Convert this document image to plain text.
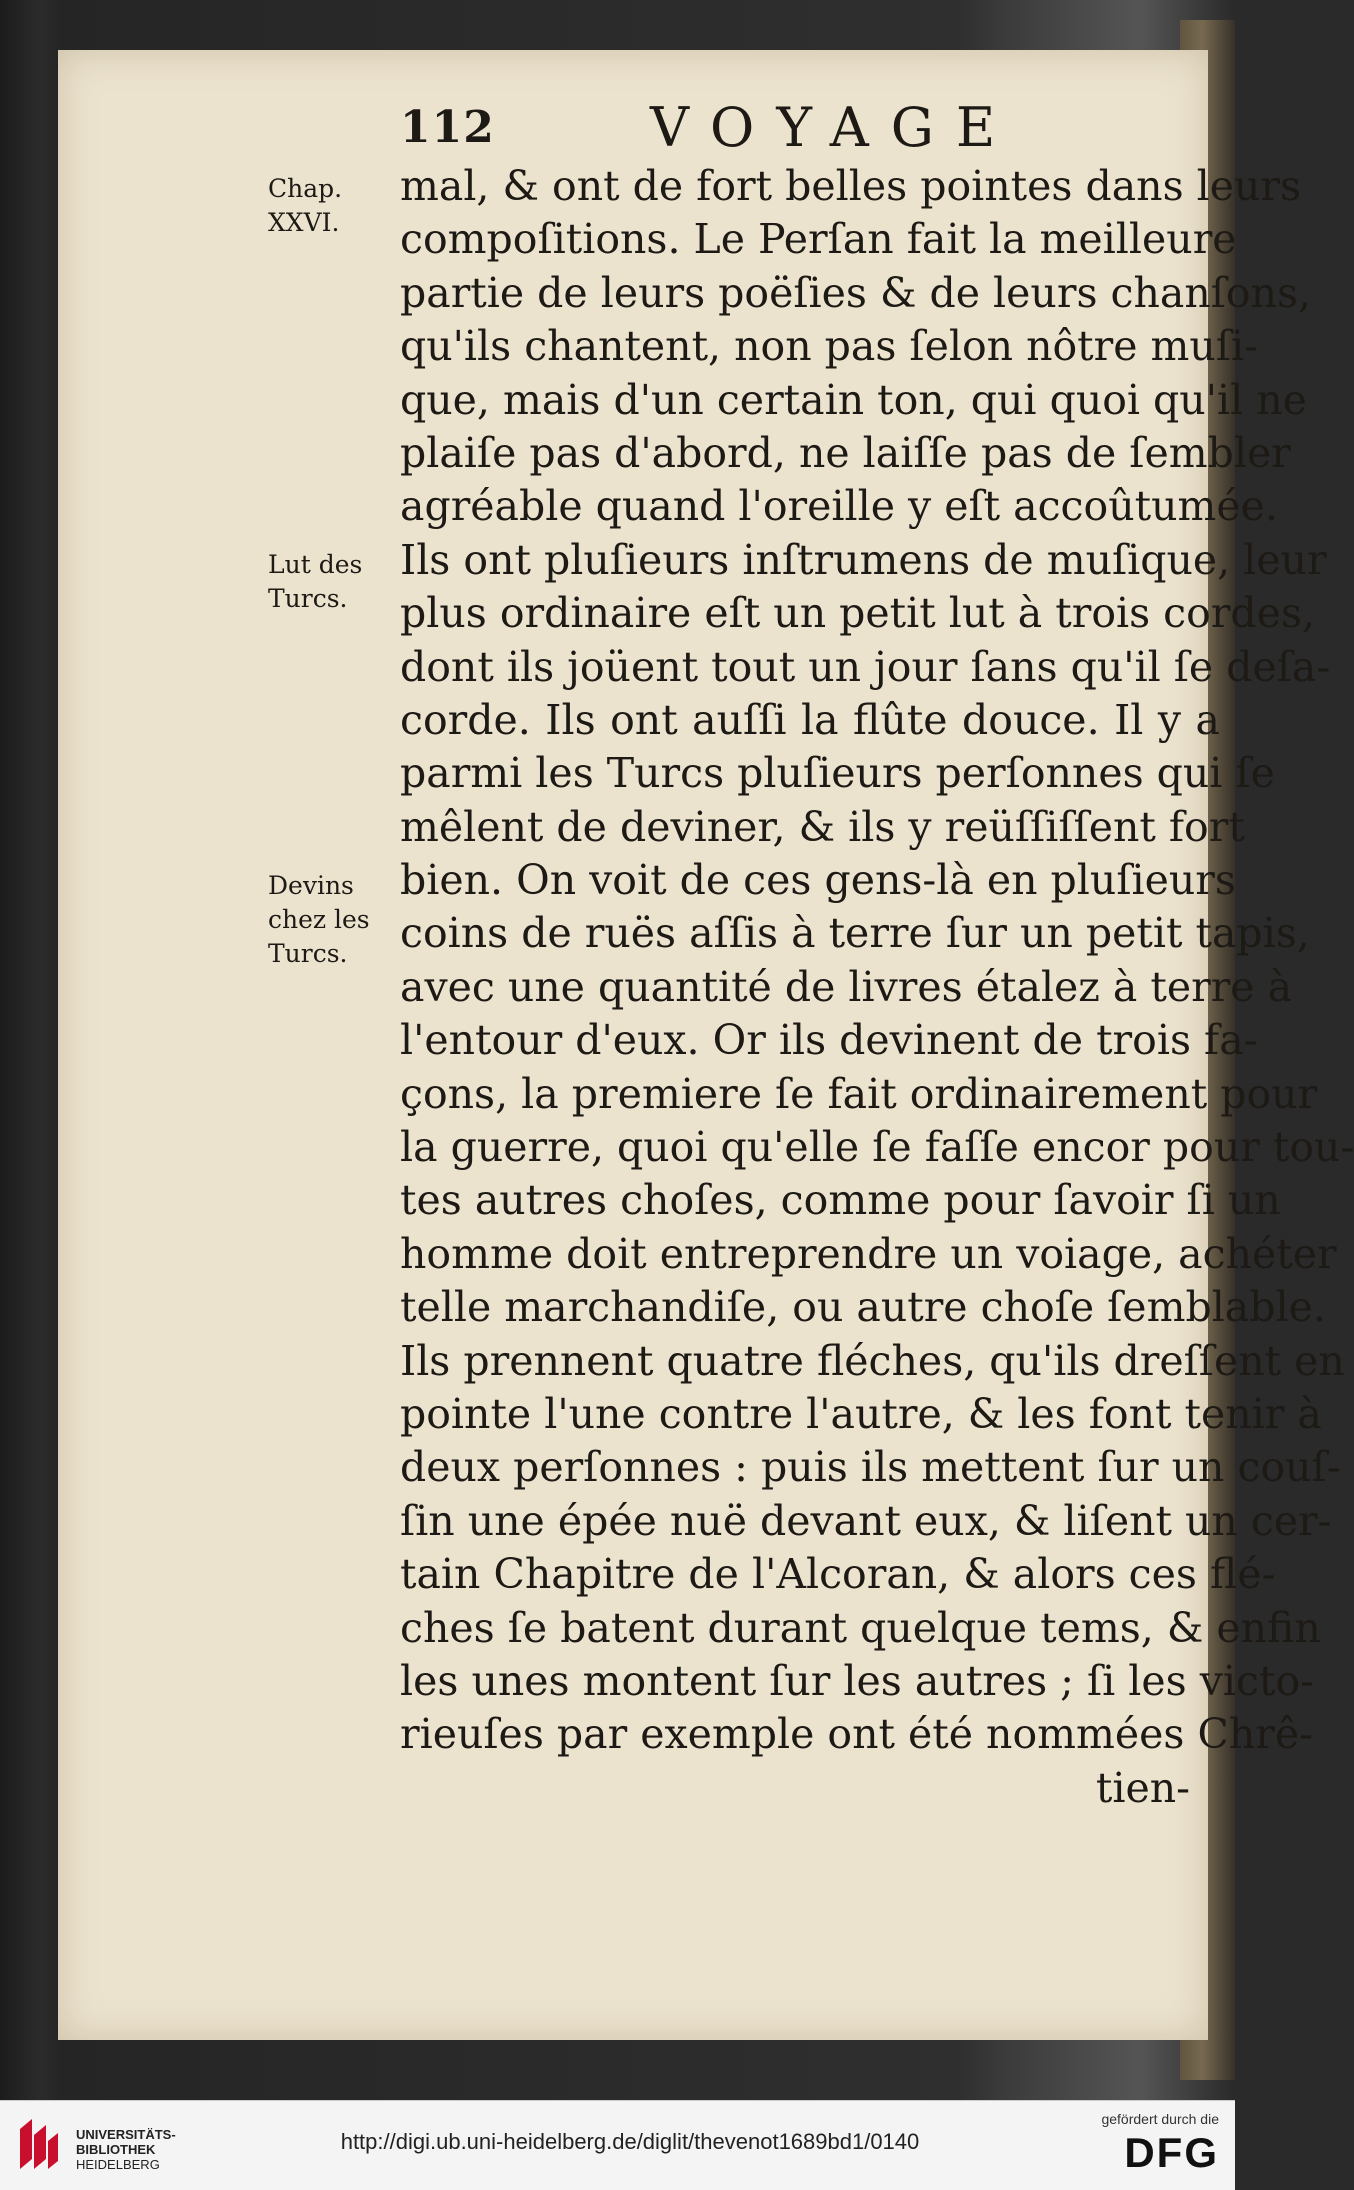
112	VOYAGE
Chap. XXVI.
Lut des Turcs.
Devins chez les Turcs.
mal, & ont de fort belles pointes dans leurs
compoſitions. Le Perſan fait la meilleure
partie de leurs poëſies & de leurs chanſons,
qu'ils chantent, non pas ſelon nôtre muſi-
que, mais d'un certain ton, qui quoi qu'il ne
plaiſe pas d'abord, ne laiſſe pas de ſembler
agréable quand l'oreille y eſt accoûtumée.
Ils ont pluſieurs inſtrumens de muſique, leur
plus ordinaire eſt un petit lut à trois cordes,
dont ils joüent tout un jour ſans qu'il ſe deſa-
corde. Ils ont auſſi la flûte douce. Il y a
parmi les Turcs pluſieurs perſonnes qui ſe
mêlent de deviner, & ils y reüſſiſſent fort
bien. On voit de ces gens-là en pluſieurs
coins de ruës aſſis à terre ſur un petit tapis,
avec une quantité de livres étalez à terre à
l'entour d'eux. Or ils devinent de trois fa-
çons, la premiere ſe fait ordinairement pour
la guerre, quoi qu'elle ſe faſſe encor pour tou-
tes autres choſes, comme pour ſavoir ſi un
homme doit entreprendre un voiage, achéter
telle marchandiſe, ou autre choſe ſemblable.
Ils prennent quatre fléches, qu'ils dreſſent en
pointe l'une contre l'autre, & les font tenir à
deux perſonnes : puis ils mettent ſur un couſ-
ſin une épée nuë devant eux, & liſent un cer-
tain Chapitre de l'Alcoran, & alors ces flé-
ches ſe batent durant quelque tems, & enfin
les unes montent ſur les autres ; ſi les victo-
rieuſes par exemple ont été nommées Chrê-
tien-
UNIVERSITÄTS-
BIBLIOTHEK
HEIDELBERG
http://digi.ub.uni-heidelberg.de/diglit/thevenot1689bd1/0140
gefördert durch die
DFG
